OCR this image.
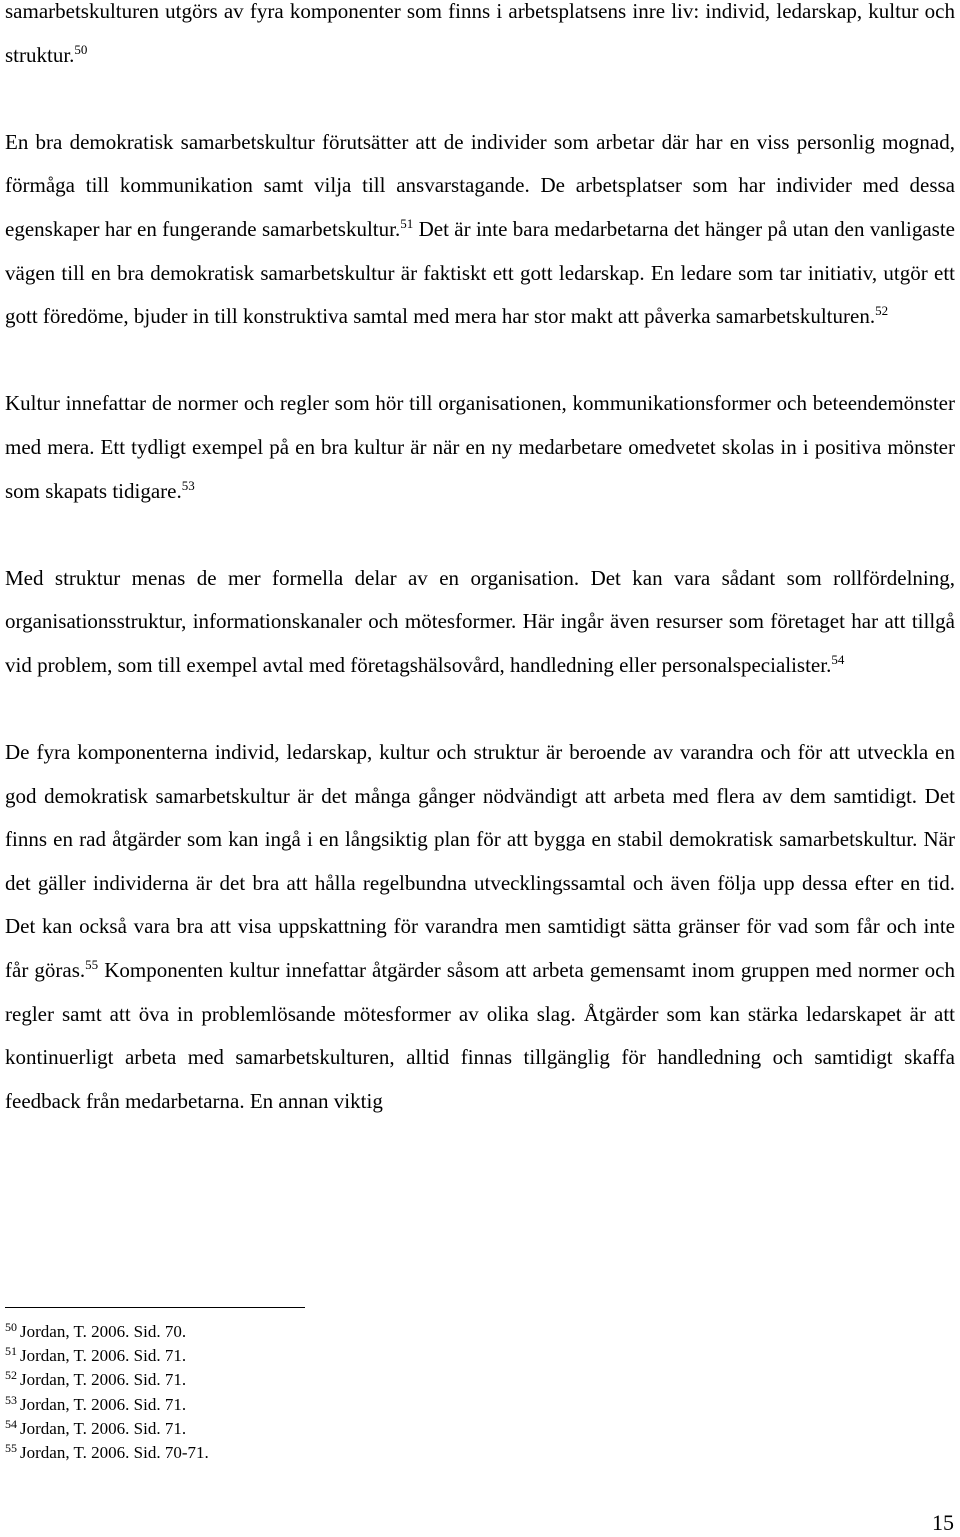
samarbetskulturen utgörs av fyra komponenter som finns i arbetsplatsens inre liv: individ, ledarskap, kultur och struktur.$^{50}$

En bra demokratisk samarbetskultur förutsätter att de individer som arbetar där har en viss personlig mognad, förmåga till kommunikation samt vilja till ansvarstagande. De arbetsplatser som har individer med dessa egenskaper har en fungerande samarbetskultur.$^{51}$ Det är inte bara medarbetarna det hänger på utan den vanligaste vägen till en bra demokratisk samarbetskultur är faktiskt ett gott ledarskap. En ledare som tar initiativ, utgör ett gott föredöme, bjuder in till konstruktiva samtal med mera har stor makt att påverka samarbetskulturen.$^{52}$

Kultur innefattar de normer och regler som hör till organisationen, kommunikationsformer och beteendemönster med mera. Ett tydligt exempel på en bra kultur är när en ny medarbetare omedvetet skolas in i positiva mönster som skapats tidigare.$^{53}$

Med struktur menas de mer formella delar av en organisation. Det kan vara sådant som rollfördelning, organisationsstruktur, informationskanaler och mötesformer. Här ingår även resurser som företaget har att tillgå vid problem, som till exempel avtal med företagshälsovård, handledning eller personalspecialister.$^{54}$

De fyra komponenterna individ, ledarskap, kultur och struktur är beroende av varandra och för att utveckla en god demokratisk samarbetskultur är det många gånger nödvändigt att arbeta med flera av dem samtidigt. Det finns en rad åtgärder som kan ingå i en långsiktig plan för att bygga en stabil demokratisk samarbetskultur. När det gäller individerna är det bra att hålla regelbundna utvecklingssamtal och även följa upp dessa efter en tid. Det kan också vara bra att visa uppskattning för varandra men samtidigt sätta gränser för vad som får och inte får göras.$^{55}$ Komponenten kultur innefattar åtgärder såsom att arbeta gemensamt inom gruppen med normer och regler samt att öva in problemlösande mötesformer av olika slag. Åtgärder som kan stärka ledarskapet är att kontinuerligt arbeta med samarbetskulturen, alltid finnas tillgänglig för handledning och samtidigt skaffa feedback från medarbetarna. En annan viktig

$^{50}$ Jordan, T. 2006. Sid. 70.

$^{51}$ Jordan, T. 2006. Sid. 71.

$^{52}$ Jordan, T. 2006. Sid. 71.

$^{53}$ Jordan, T. 2006. Sid. 71.

$^{54}$ Jordan, T. 2006. Sid. 71.

$^{55}$ Jordan, T. 2006. Sid. 70-71.

15
